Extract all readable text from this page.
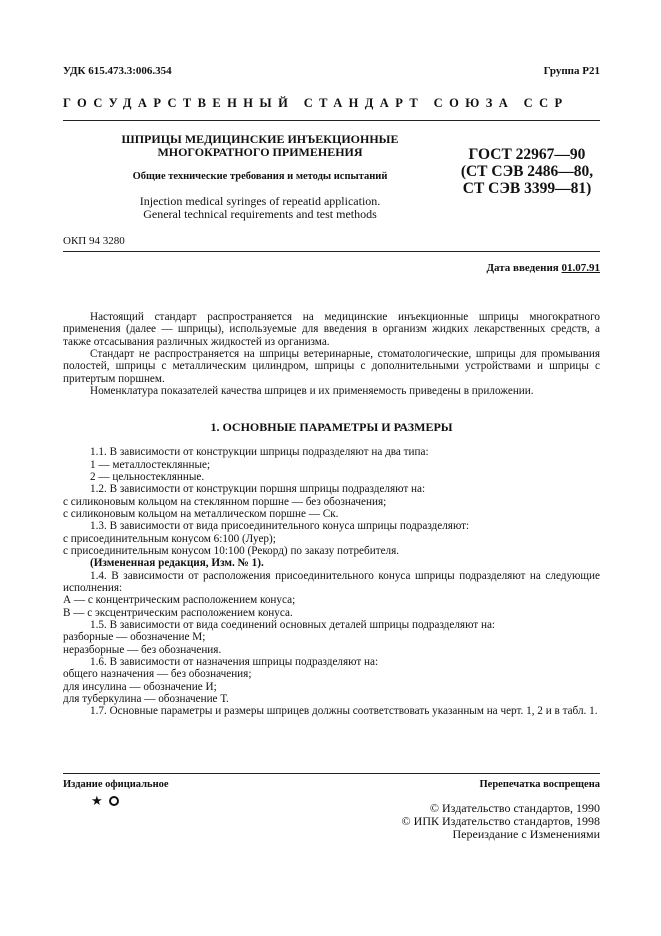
УДК 615.473.3:006.354	Группа Р21
ГОСУДАРСТВЕННЫЙ СТАНДАРТ СОЮЗА ССР
ШПРИЦЫ МЕДИЦИНСКИЕ ИНЪЕКЦИОННЫЕ
МНОГОКРАТНОГО ПРИМЕНЕНИЯ
Общие технические требования и методы испытаний
Injection medical syringes of repeatid application.
General technical requirements and test methods
ГОСТ 22967—90
(СТ СЭВ 2486—80,
СТ СЭВ 3399—81)
ОКП 94 3280
Дата введения 01.07.91
Настоящий стандарт распространяется на медицинские инъекционные шприцы многократного применения (далее — шприцы), используемые для введения в организм жидких лекарственных средств, а также отсасывания различных жидкостей из организма.
Стандарт не распространяется на шприцы ветеринарные, стоматологические, шприцы для промывания полостей, шприцы с металлическим цилиндром, шприцы с дополнительными устройствами и шприцы с притертым поршнем.
Номенклатура показателей качества шприцев и их применяемость приведены в приложении.
1. ОСНОВНЫЕ ПАРАМЕТРЫ И РАЗМЕРЫ
1.1. В зависимости от конструкции шприцы подразделяют на два типа:
1 — металлостеклянные;
2 — цельностеклянные.
1.2. В зависимости от конструкции поршня шприцы подразделяют на:
с силиконовым кольцом на стеклянном поршне — без обозначения;
с силиконовым кольцом на металлическом поршне — Ск.
1.3. В зависимости от вида присоединительного конуса шприцы подразделяют:
с присоединительным конусом 6:100 (Луер);
с присоединительным конусом 10:100 (Рекорд) по заказу потребителя.
(Измененная редакция, Изм. № 1).
1.4. В зависимости от расположения присоединительного конуса шприцы подразделяют на следующие исполнения:
А — с концентрическим расположением конуса;
В — с эксцентрическим расположением конуса.
1.5. В зависимости от вида соединений основных деталей шприцы подразделяют на:
разборные — обозначение М;
неразборные — без обозначения.
1.6. В зависимости от назначения шприцы подразделяют на:
общего назначения — без обозначения;
для инсулина — обозначение И;
для туберкулина — обозначение Т.
1.7. Основные параметры и размеры шприцев должны соответствовать указанным на черт. 1, 2 и в табл. 1.
Издание официальное	Перепечатка воспрещена
★	© Издательство стандартов, 1990
© ИПК Издательство стандартов, 1998
Переиздание с Изменениями
